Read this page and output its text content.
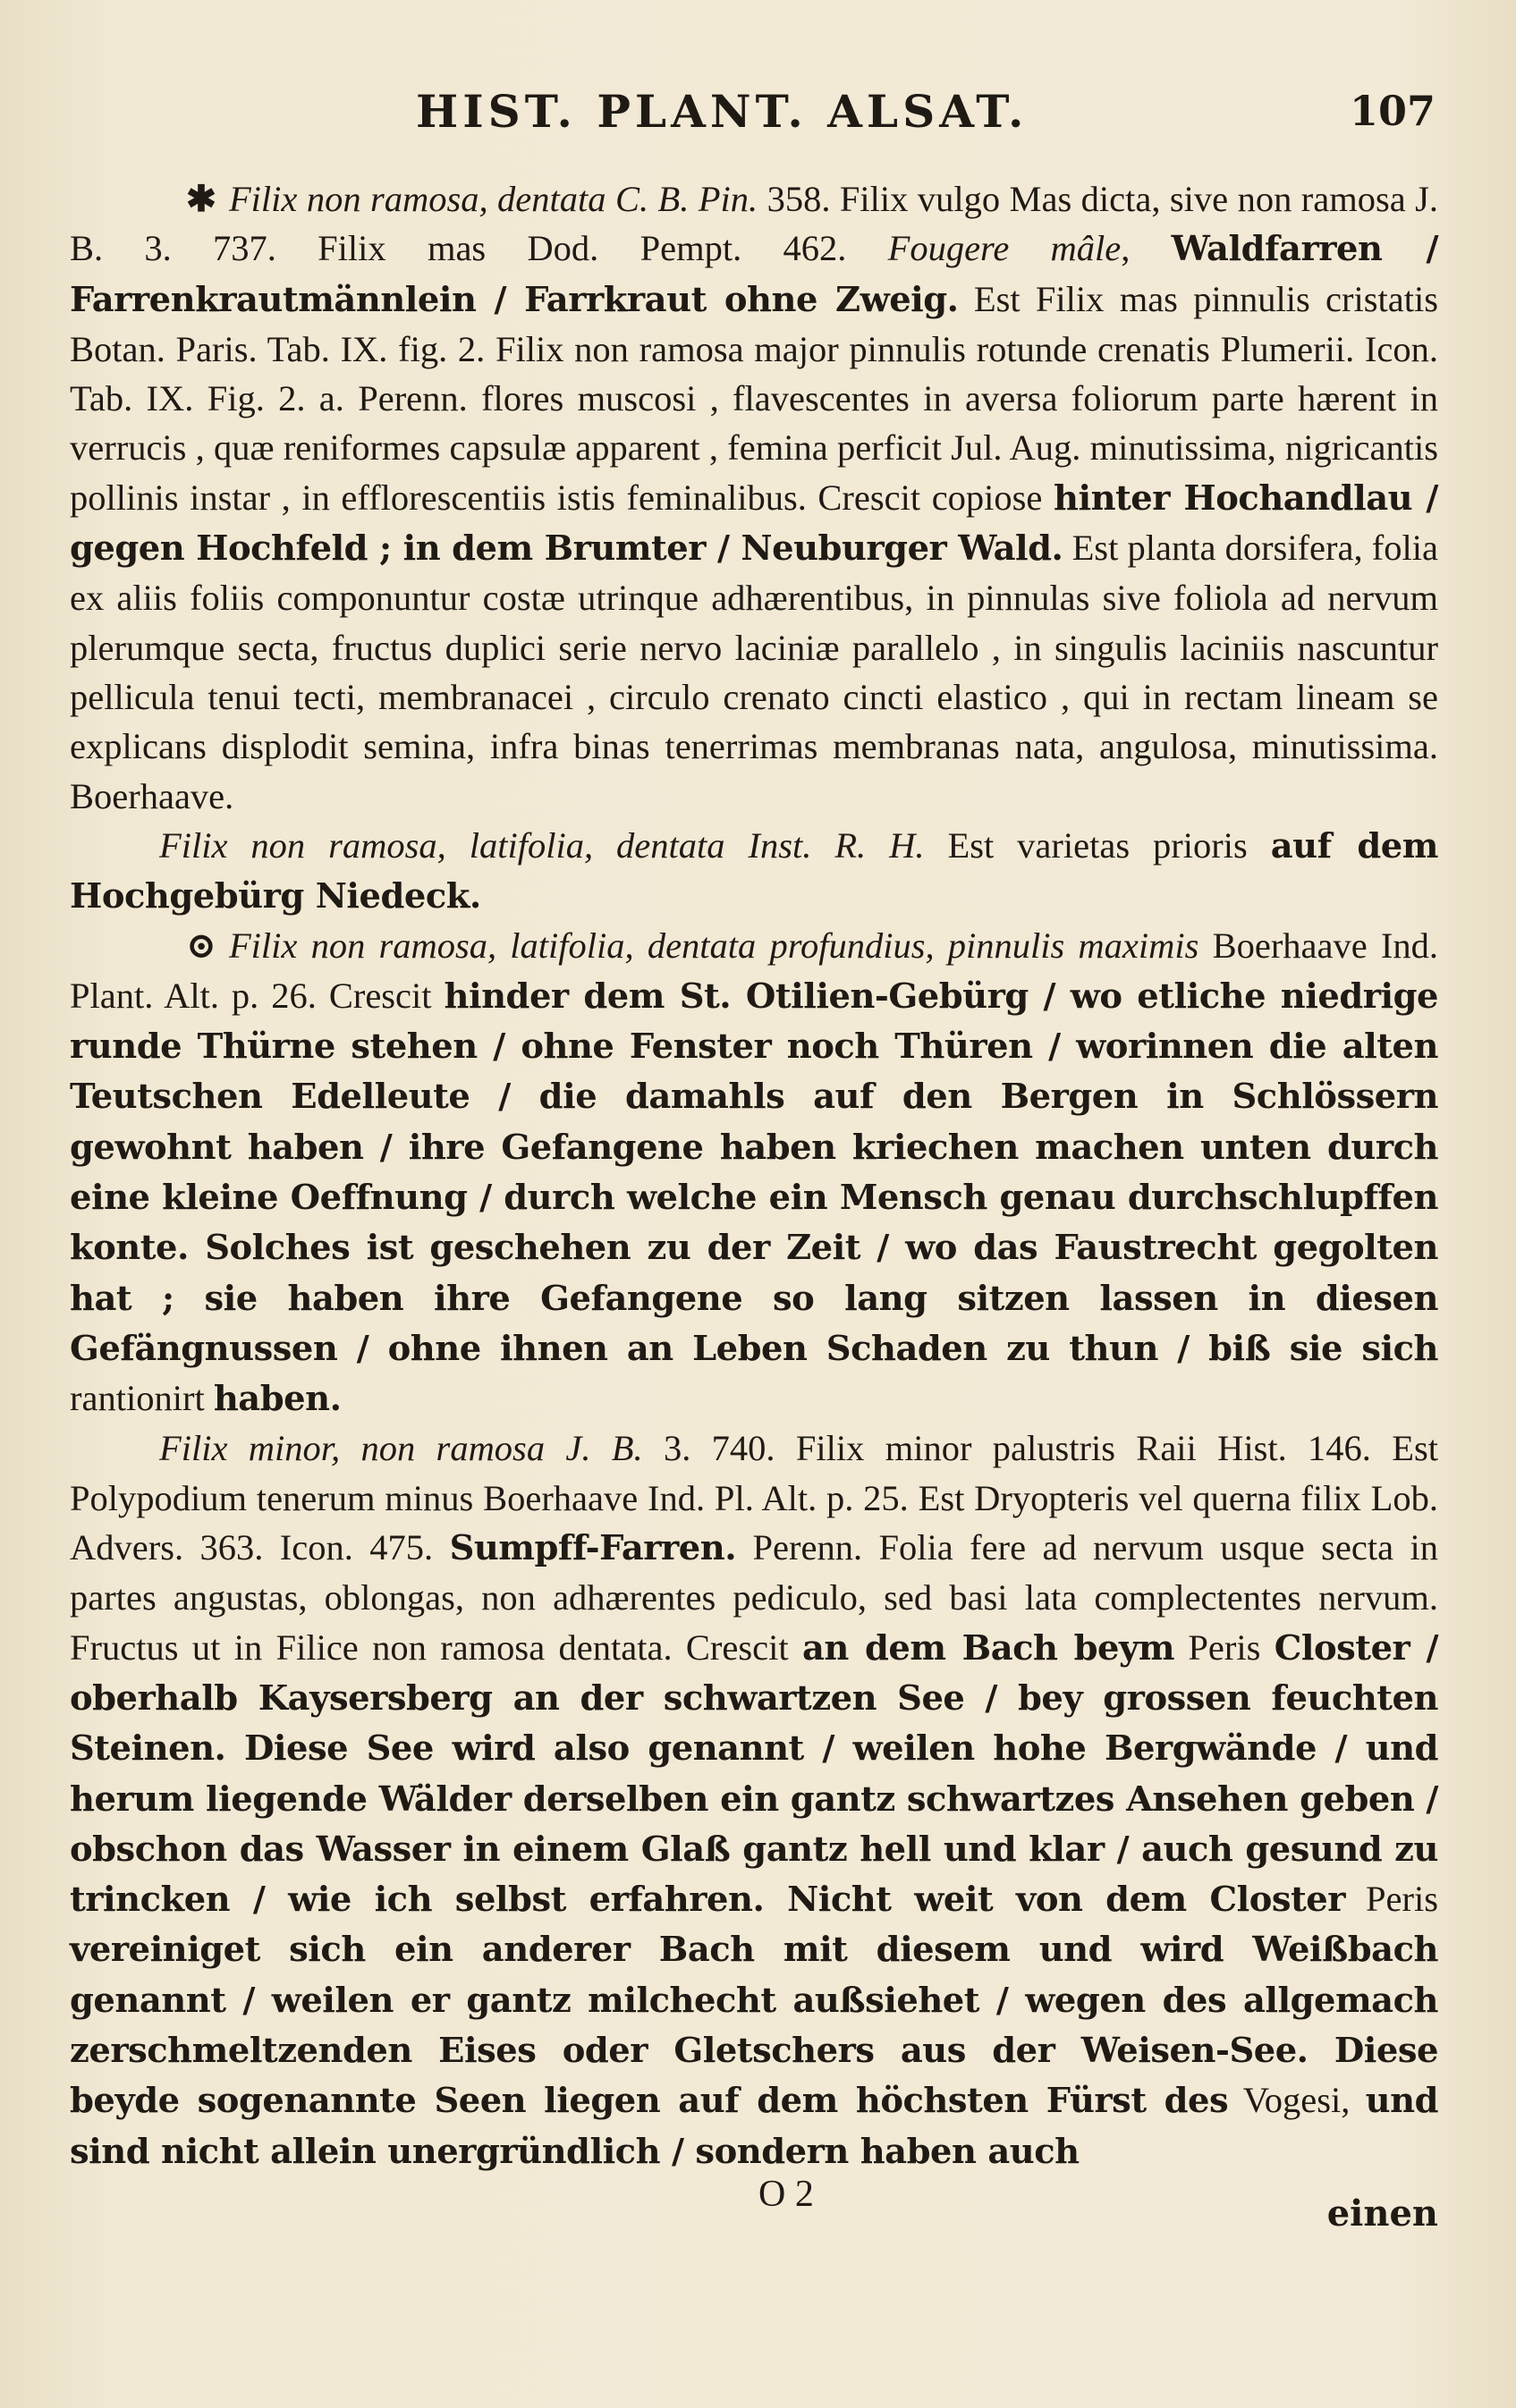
HIST. PLANT. ALSAT.	107

✱ Filix non ramosa, dentata C. B. Pin. 358. Filix vulgo Mas dicta, sive non ramosa J. B. 3. 737. Filix mas Dod. Pempt. 462. Fougere mâle, Waldfarren / Farrenkrautmännlein / Farrkraut ohne Zweig. Est Filix mas pinnulis cristatis Botan. Paris. Tab. IX. fig. 2. Filix non ramosa major pinnulis rotunde crenatis Plumerii. Icon. Tab. IX. Fig. 2. a. Perenn. flores muscosi , flavescentes in aversa foliorum parte hærent in verrucis , quæ reniformes capsulæ apparent , femina perficit Jul. Aug. minutissima, nigricantis pollinis instar , in efflorescentiis istis feminalibus. Crescit copiose hinter Hochandlau / gegen Hochfeld ; in dem Brumter / Neuburger Wald. Est planta dorsifera, folia ex aliis foliis componuntur costæ utrinque adhærentibus, in pinnulas sive foliola ad nervum plerumque secta, fructus duplici serie nervo laciniæ parallelo , in singulis laciniis nascuntur pellicula tenui tecti, membranacei , circulo crenato cincti elastico , qui in rectam lineam se explicans displodit semina, infra binas tenerrimas membranas nata, angulosa, minutissima. Boerhaave.

Filix non ramosa, latifolia, dentata Inst. R. H. Est varietas prioris auf dem Hochgebürg Niedeck.

⊙ Filix non ramosa, latifolia, dentata profundius, pinnulis maximis Boerhaave Ind. Plant. Alt. p. 26. Crescit hinder dem St. Otilien-Gebürg / wo etliche niedrige runde Thürne stehen / ohne Fenster noch Thüren / worinnen die alten Teutschen Edelleute / die damahls auf den Bergen in Schlössern gewohnt haben / ihre Gefangene haben kriechen machen unten durch eine kleine Oeffnung / durch welche ein Mensch genau durchschlupffen konte. Solches ist geschehen zu der Zeit / wo das Faustrecht gegolten hat ; sie haben ihre Gefangene so lang sitzen lassen in diesen Gefängnussen / ohne ihnen an Leben Schaden zu thun / biß sie sich rantionirt haben.

Filix minor, non ramosa J. B. 3. 740. Filix minor palustris Raii Hist. 146. Est Polypodium tenerum minus Boerhaave Ind. Pl. Alt. p. 25. Est Dryopteris vel querna filix Lob. Advers. 363. Icon. 475. Sumpff-Farren. Perenn. Folia fere ad nervum usque secta in partes angustas, oblongas, non adhærentes pediculo, sed basi lata complectentes nervum. Fructus ut in Filice non ramosa dentata. Crescit an dem Bach beym Peris Closter / oberhalb Kaysersberg an der schwartzen See / bey grossen feuchten Steinen. Diese See wird also genannt / weilen hohe Bergwände / und herum liegende Wälder derselben ein gantz schwartzes Ansehen geben / obschon das Wasser in einem Glaß gantz hell und klar / auch gesund zu trincken / wie ich selbst erfahren. Nicht weit von dem Closter Peris vereiniget sich ein anderer Bach mit diesem und wird Weißbach genannt / weilen er gantz milchecht außsiehet / wegen des allgemach zerschmeltzenden Eises oder Gletschers aus der Weisen-See. Diese beyde sogenannte Seen liegen auf dem höchsten Fürst des Vogesi, und sind nicht allein unergründlich / sondern haben auch

O 2	einen
